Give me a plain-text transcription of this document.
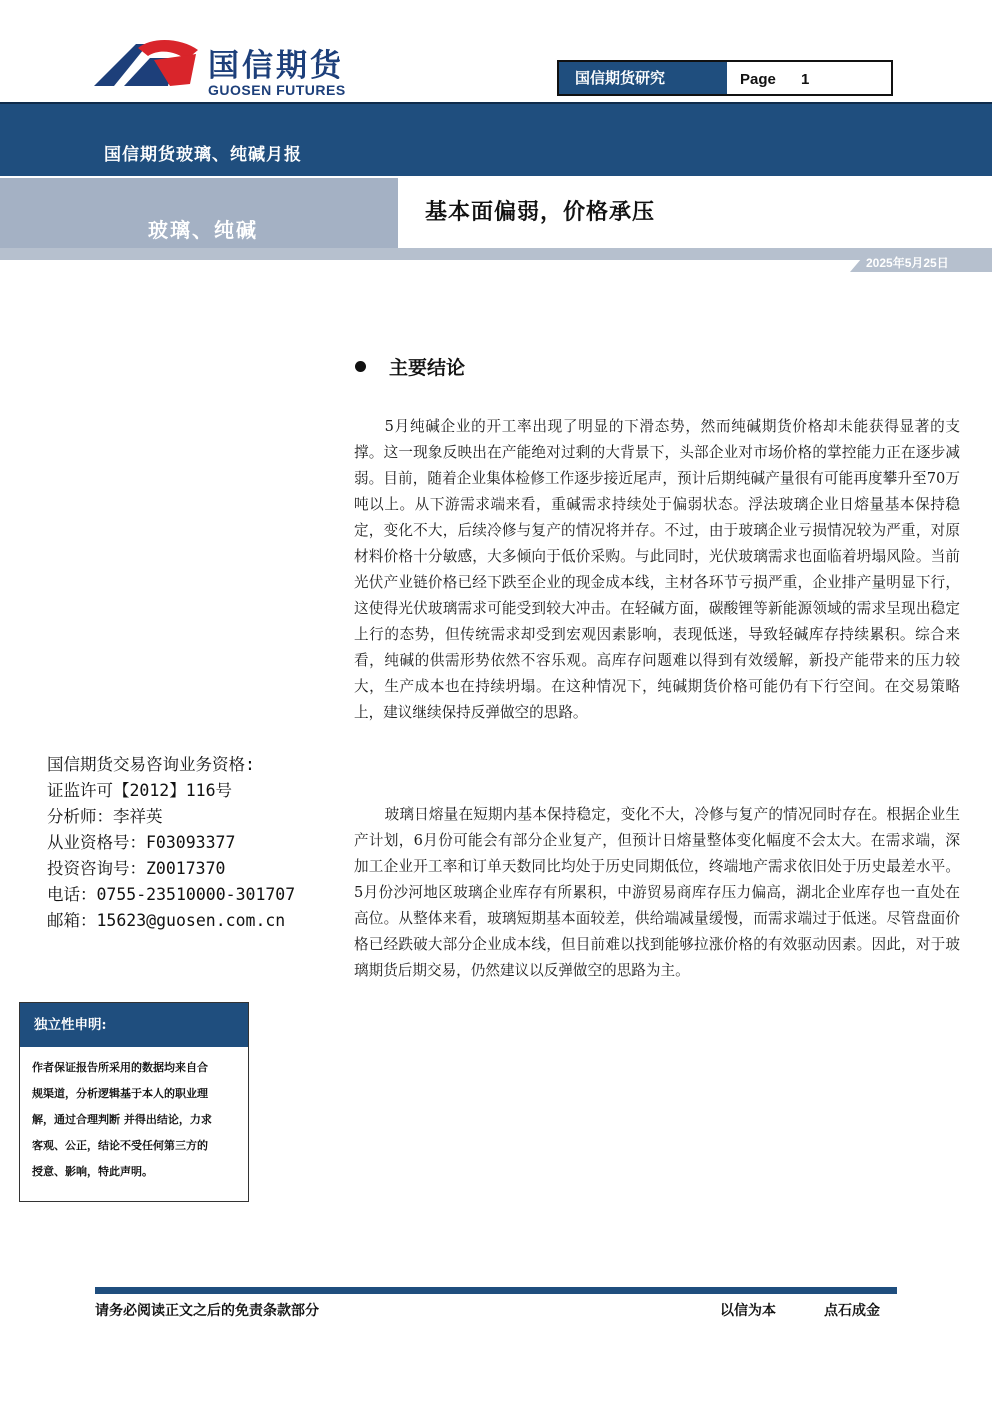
国信期货
GUOSEN FUTURES
国信期货研究	Page 1
国信期货玻璃、纯碱月报
玻璃、纯碱
基本面偏弱，价格承压
2025年5月25日
主要结论

5月纯碱企业的开工率出现了明显的下滑态势，然而纯碱期货价格却未能获得显著的支撑。这一现象反映出在产能绝对过剩的大背景下，头部企业对市场价格的掌控能力正在逐步减弱。目前，随着企业集体检修工作逐步接近尾声，预计后期纯碱产量很有可能再度攀升至70万吨以上。从下游需求端来看，重碱需求持续处于偏弱状态。浮法玻璃企业日熔量基本保持稳定，变化不大，后续冷修与复产的情况将并存。不过，由于玻璃企业亏损情况较为严重，对原材料价格十分敏感，大多倾向于低价采购。与此同时，光伏玻璃需求也面临着坍塌风险。当前光伏产业链价格已经下跌至企业的现金成本线，主材各环节亏损严重，企业排产量明显下行，这使得光伏玻璃需求可能受到较大冲击。在轻碱方面，碳酸锂等新能源领域的需求呈现出稳定上行的态势，但传统需求却受到宏观因素影响，表现低迷，导致轻碱库存持续累积。综合来看，纯碱的供需形势依然不容乐观。高库存问题难以得到有效缓解，新投产能带来的压力较大，生产成本也在持续坍塌。在这种情况下，纯碱期货价格可能仍有下行空间。在交易策略上，建议继续保持反弹做空的思路。

玻璃日熔量在短期内基本保持稳定，变化不大，冷修与复产的情况同时存在。根据企业生产计划，6月份可能会有部分企业复产，但预计日熔量整体变化幅度不会太大。在需求端，深加工企业开工率和订单天数同比均处于历史同期低位，终端地产需求依旧处于历史最差水平。5月份沙河地区玻璃企业库存有所累积，中游贸易商库存压力偏高，湖北企业库存也一直处在高位。从整体来看，玻璃短期基本面较差，供给端减量缓慢，而需求端过于低迷。尽管盘面价格已经跌破大部分企业成本线，但目前难以找到能够拉涨价格的有效驱动因素。因此，对于玻璃期货后期交易，仍然建议以反弹做空的思路为主。

国信期货交易咨询业务资格:
证监许可【2012】116号
分析师：李祥英
从业资格号：F03093377
投资咨询号：Z0017370
电话：0755-23510000-301707
邮箱：15623@guosen.com.cn
独立性申明:
作者保证报告所采用的数据均来自合
规渠道，分析逻辑基于本人的职业理
解，通过合理判断 并得出结论，力求
客观、公正，结论不受任何第三方的
授意、影响，特此声明。
请务必阅读正文之后的免责条款部分	以信为本	点石成金
